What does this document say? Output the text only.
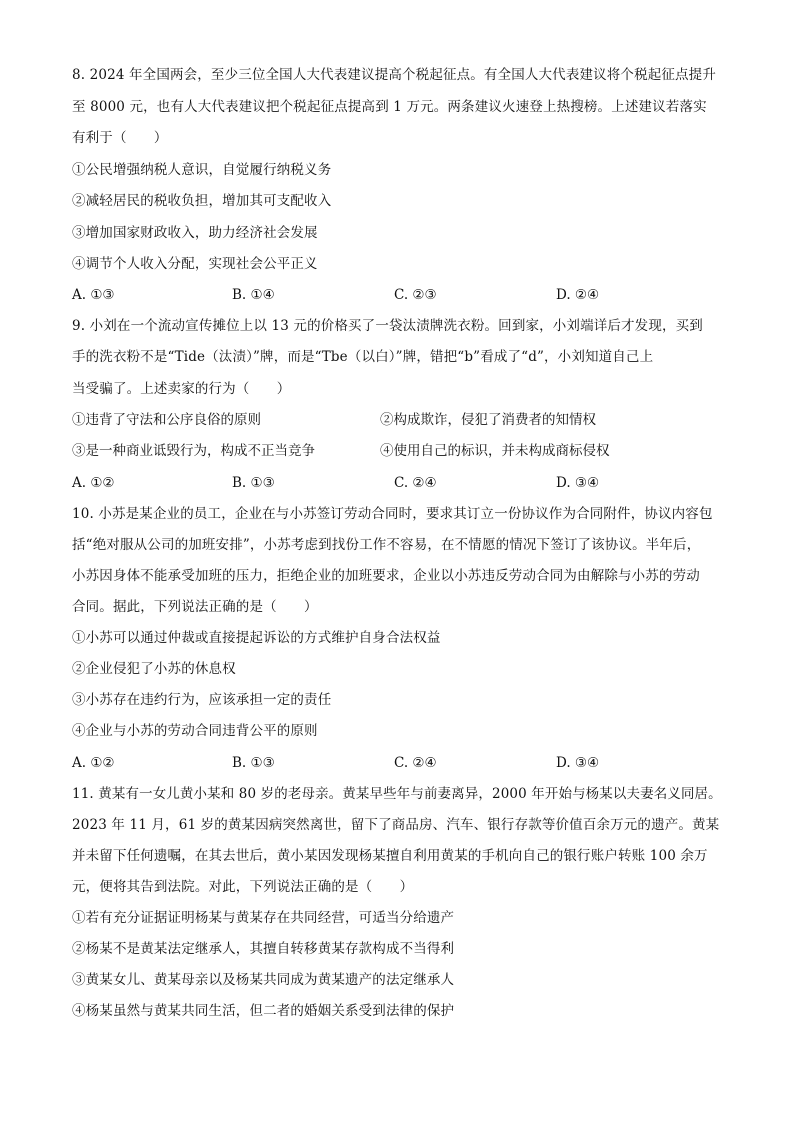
8. 2024 年全国两会，至少三位全国人大代表建议提高个税起征点。有全国人大代表建议将个税起征点提升
至 8000 元，也有人大代表建议把个税起征点提高到 1 万元。两条建议火速登上热搜榜。上述建议若落实
有利于（　　）
①公民增强纳税人意识，自觉履行纳税义务
②减轻居民的税收负担，增加其可支配收入
③增加国家财政收入，助力经济社会发展
④调节个人收入分配，实现社会公平正义
A. ①③	B. ①④	C. ②③	D. ②④
9. 小刘在一个流动宣传摊位上以 13 元的价格买了一袋汰渍牌洗衣粉。回到家，小刘端详后才发现，买到
手的洗衣粉不是“Tide（汰渍）”牌，而是“Tbe（以白）”牌，错把“b”看成了“d”，小刘知道自己上
当受骗了。上述卖家的行为（　　）
①违背了守法和公序良俗的原则	②构成欺诈，侵犯了消费者的知情权
③是一种商业诋毁行为，构成不正当竞争	④使用自己的标识，并未构成商标侵权
A. ①②	B. ①③	C. ②④	D. ③④
10. 小苏是某企业的员工，企业在与小苏签订劳动合同时，要求其订立一份协议作为合同附件，协议内容包
括“绝对服从公司的加班安排”，小苏考虑到找份工作不容易，在不情愿的情况下签订了该协议。半年后，
小苏因身体不能承受加班的压力，拒绝企业的加班要求，企业以小苏违反劳动合同为由解除与小苏的劳动
合同。据此，下列说法正确的是（　　）
①小苏可以通过仲裁或直接提起诉讼的方式维护自身合法权益
②企业侵犯了小苏的休息权
③小苏存在违约行为，应该承担一定的责任
④企业与小苏的劳动合同违背公平的原则
A. ①②	B. ①③	C. ②④	D. ③④
11. 黄某有一女儿黄小某和 80 岁的老母亲。黄某早些年与前妻离异，2000 年开始与杨某以夫妻名义同居。
2023 年 11 月，61 岁的黄某因病突然离世，留下了商品房、汽车、银行存款等价值百余万元的遗产。黄某
并未留下任何遗嘱，在其去世后，黄小某因发现杨某擅自利用黄某的手机向自己的银行账户转账 100 余万
元，便将其告到法院。对此，下列说法正确的是（　　）
①若有充分证据证明杨某与黄某存在共同经营，可适当分给遗产
②杨某不是黄某法定继承人，其擅自转移黄某存款构成不当得利
③黄某女儿、黄某母亲以及杨某共同成为黄某遗产的法定继承人
④杨某虽然与黄某共同生活，但二者的婚姻关系受到法律的保护
